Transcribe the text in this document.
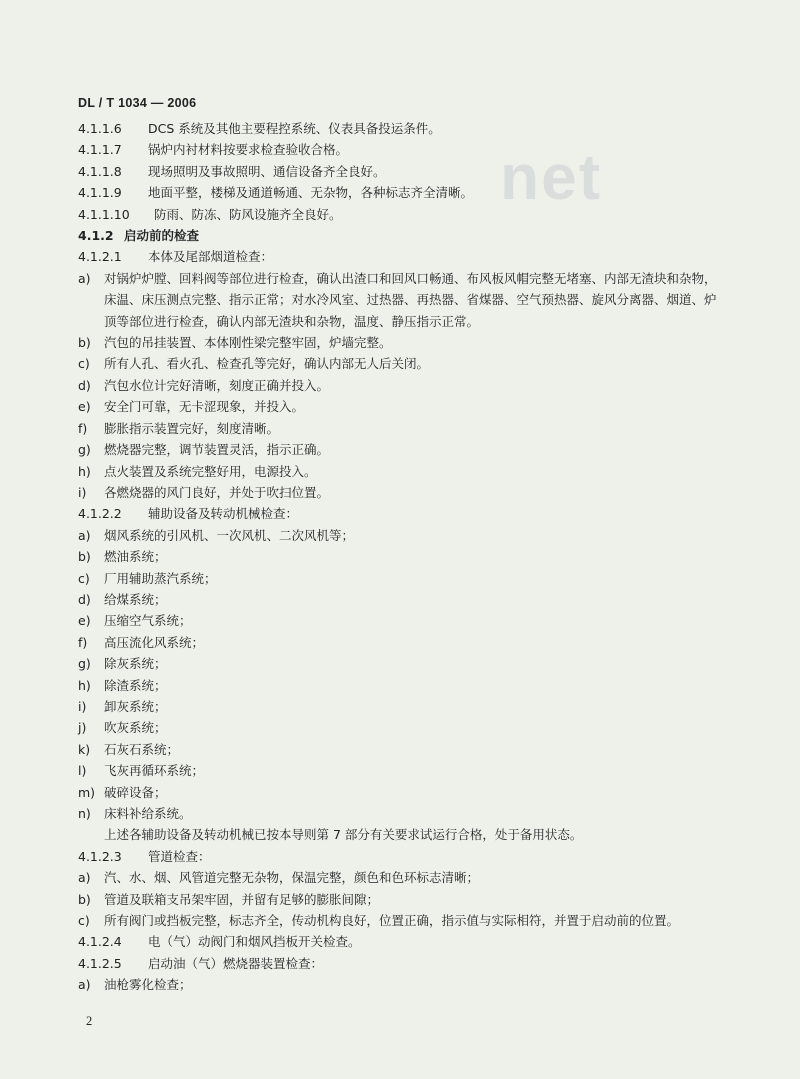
net
DL / T 1034 — 2006
4.1.1.6 DCS 系统及其他主要程控系统、仪表具备投运条件。
4.1.1.7 锅炉内衬材料按要求检查验收合格。
4.1.1.8 现场照明及事故照明、通信设备齐全良好。
4.1.1.9 地面平整，楼梯及通道畅通、无杂物，各种标志齐全清晰。
4.1.1.10 防雨、防冻、防风设施齐全良好。
4.1.2 启动前的检查
4.1.2.1 本体及尾部烟道检查：
a) 对锅炉炉膛、回料阀等部位进行检查，确认出渣口和回风口畅通、布风板风帽完整无堵塞、内部无渣块和杂物，床温、床压测点完整、指示正常；对水冷风室、过热器、再热器、省煤器、空气预热器、旋风分离器、烟道、炉顶等部位进行检查，确认内部无渣块和杂物，温度、静压指示正常。
b) 汽包的吊挂装置、本体刚性梁完整牢固，炉墙完整。
c) 所有人孔、看火孔、检查孔等完好，确认内部无人后关闭。
d) 汽包水位计完好清晰，刻度正确并投入。
e) 安全门可靠，无卡涩现象，并投入。
f) 膨胀指示装置完好，刻度清晰。
g) 燃烧器完整，调节装置灵活，指示正确。
h) 点火装置及系统完整好用，电源投入。
i) 各燃烧器的风门良好，并处于吹扫位置。
4.1.2.2 辅助设备及转动机械检查：
a) 烟风系统的引风机、一次风机、二次风机等；
b) 燃油系统；
c) 厂用辅助蒸汽系统；
d) 给煤系统；
e) 压缩空气系统；
f) 高压流化风系统；
g) 除灰系统；
h) 除渣系统；
i) 卸灰系统；
j) 吹灰系统；
k) 石灰石系统；
l) 飞灰再循环系统；
m) 破碎设备；
n) 床料补给系统。
上述各辅助设备及转动机械已按本导则第 7 部分有关要求试运行合格，处于备用状态。
4.1.2.3 管道检查：
a) 汽、水、烟、风管道完整无杂物，保温完整，颜色和色环标志清晰；
b) 管道及联箱支吊架牢固，并留有足够的膨胀间隙；
c) 所有阀门或挡板完整，标志齐全，传动机构良好，位置正确，指示值与实际相符，并置于启动前的位置。
4.1.2.4 电（气）动阀门和烟风挡板开关检查。
4.1.2.5 启动油（气）燃烧器装置检查：
a) 油枪雾化检查；
2
